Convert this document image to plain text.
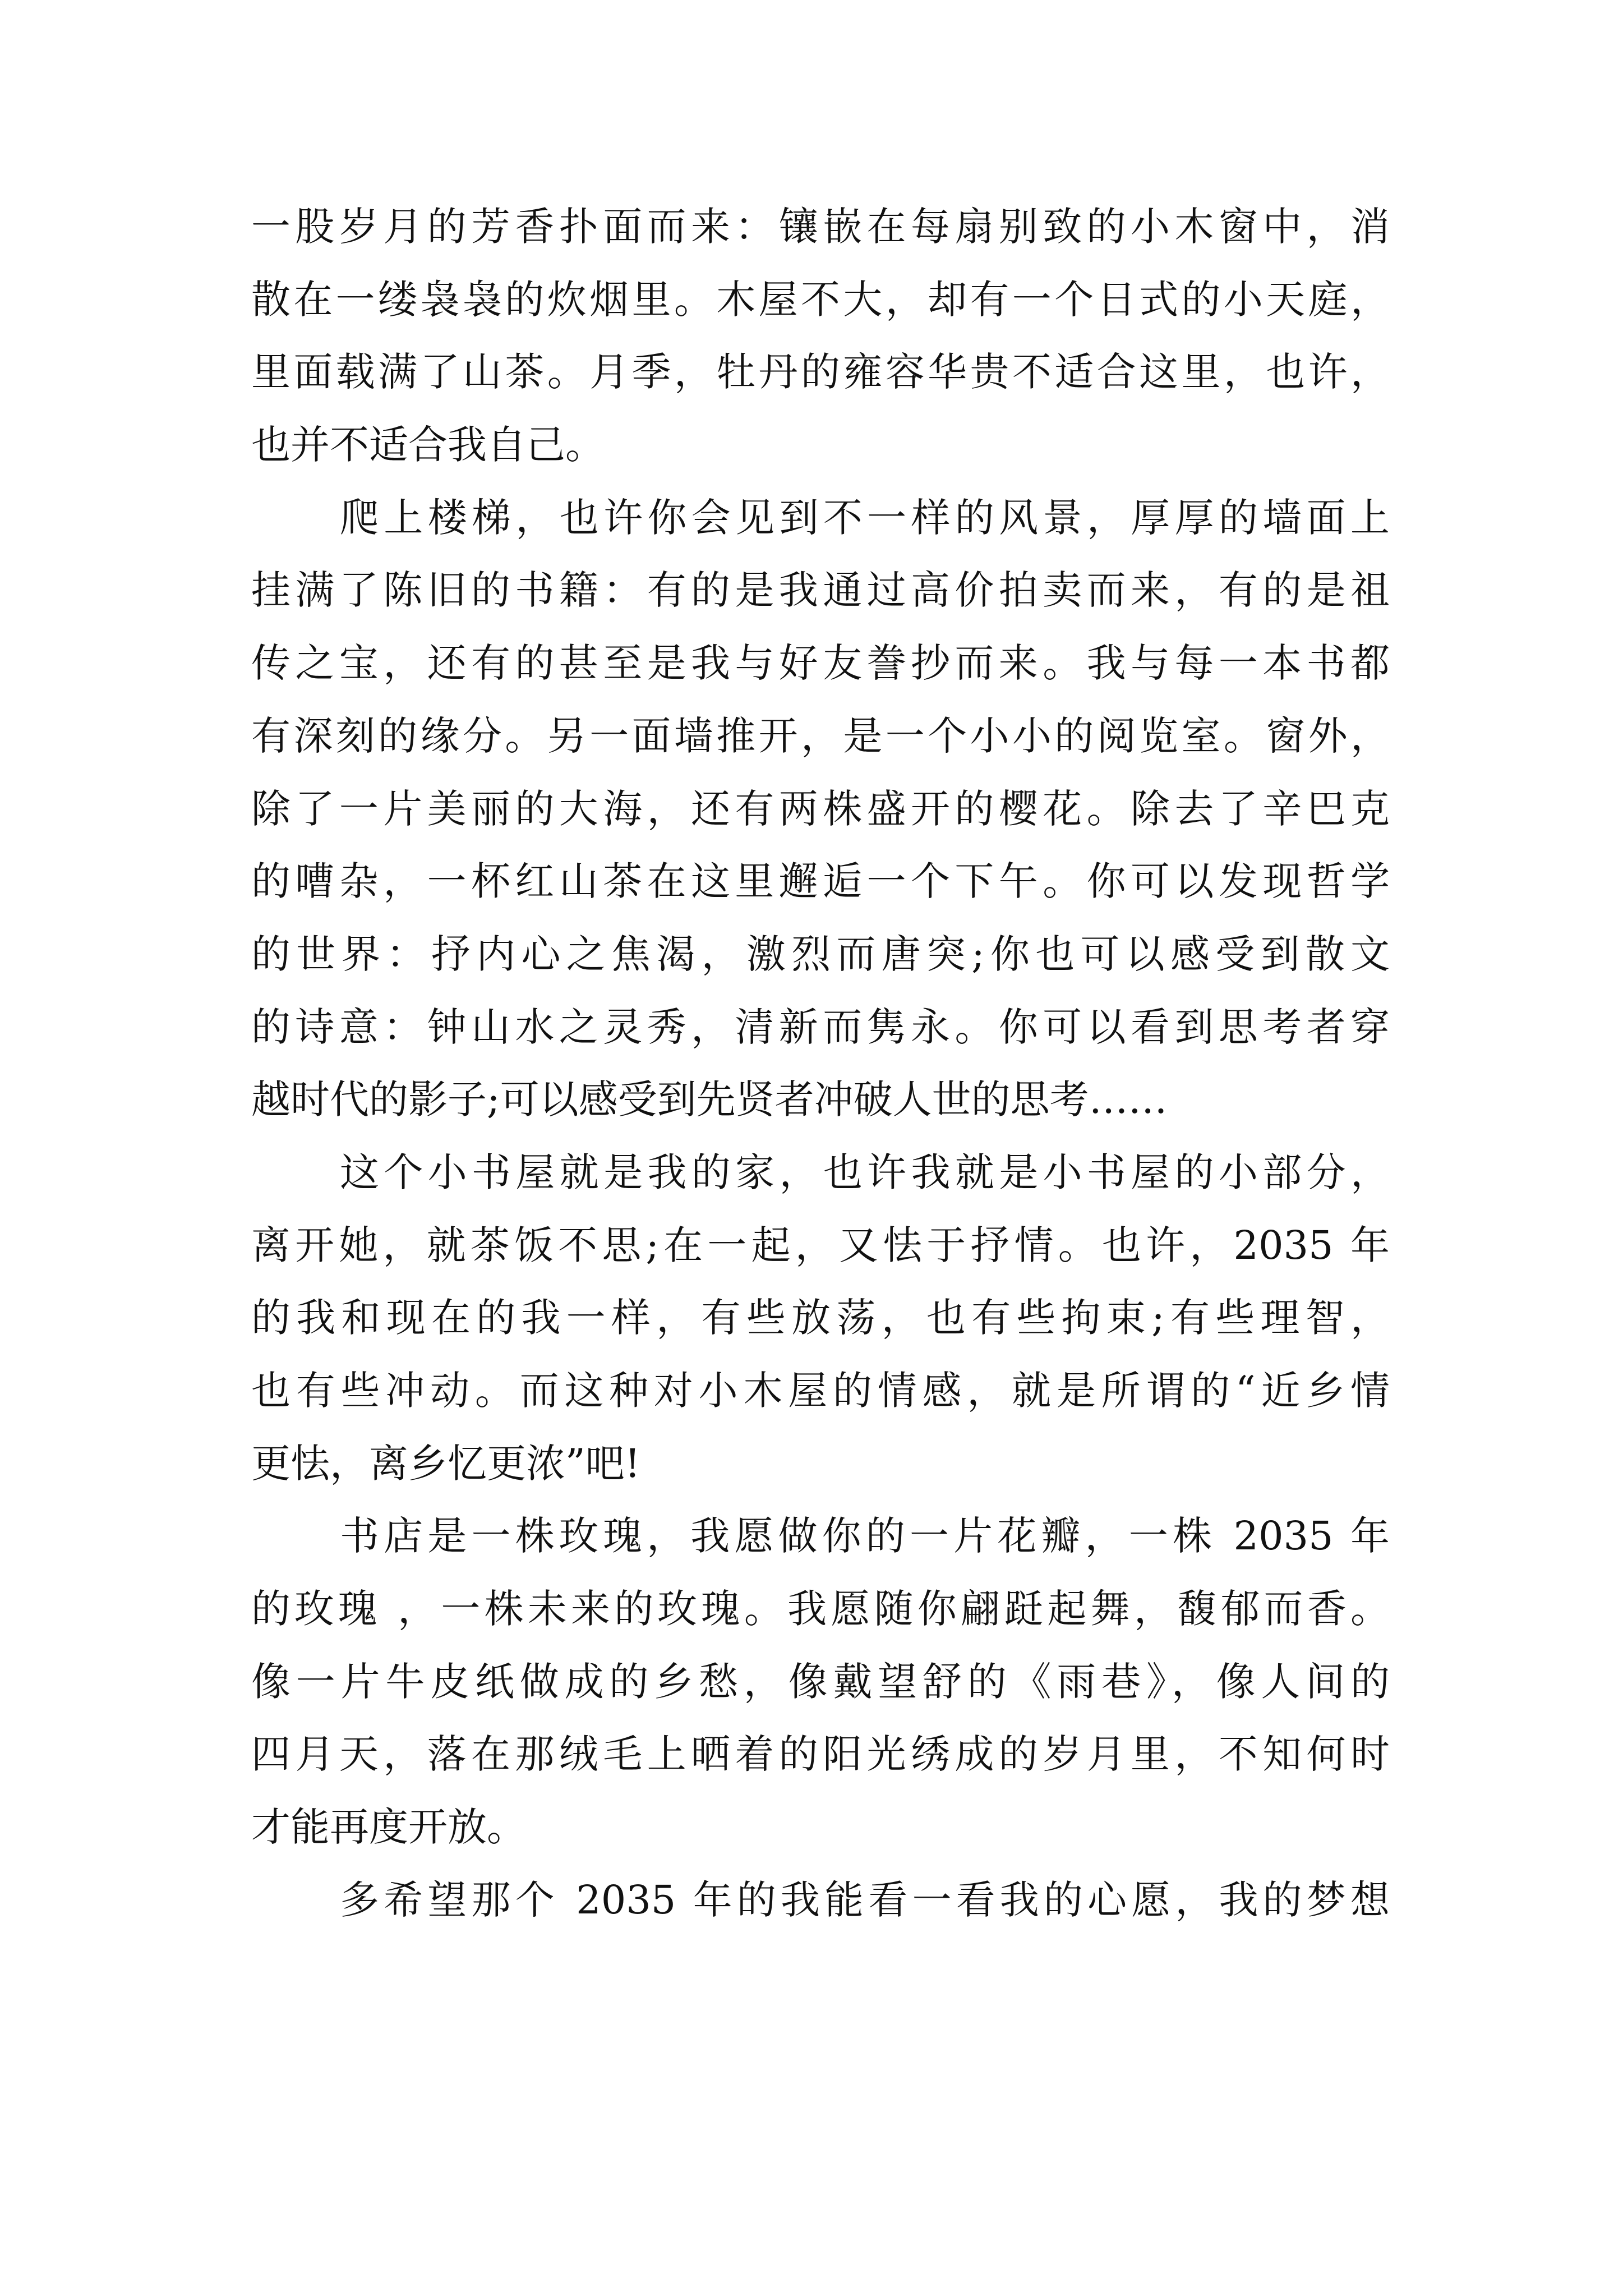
一股岁月的芳香扑面而来：镶嵌在每扇别致的小木窗中，消
散在一缕袅袅的炊烟里。木屋不大，却有一个日式的小天庭，
里面载满了山茶。月季，牡丹的雍容华贵不适合这里，也许，
也并不适合我自己。
爬上楼梯，也许你会见到不一样的风景，厚厚的墙面上
挂满了陈旧的书籍：有的是我通过高价拍卖而来，有的是祖
传之宝，还有的甚至是我与好友誊抄而来。我与每一本书都
有深刻的缘分。另一面墙推开，是一个小小的阅览室。窗外，
除了一片美丽的大海，还有两株盛开的樱花。除去了辛巴克
的嘈杂，一杯红山茶在这里邂逅一个下午。你可以发现哲学
的世界：抒内心之焦渴，激烈而唐突;你也可以感受到散文
的诗意：钟山水之灵秀，清新而隽永。你可以看到思考者穿
越时代的影子;可以感受到先贤者冲破人世的思考……
这个小书屋就是我的家，也许我就是小书屋的小部分，
离开她，就茶饭不思;在一起，又怯于抒情。也许，2035 年
的我和现在的我一样，有些放荡，也有些拘束;有些理智，
也有些冲动。而这种对小木屋的情感，就是所谓的“近乡情
更怯，离乡忆更浓”吧!
书店是一株玫瑰，我愿做你的一片花瓣，一株 2035 年
的玫瑰 ，一株未来的玫瑰。我愿随你翩跹起舞，馥郁而香。
像一片牛皮纸做成的乡愁，像戴望舒的《雨巷》，像人间的
四月天，落在那绒毛上晒着的阳光绣成的岁月里，不知何时
才能再度开放。
多希望那个 2035 年的我能看一看我的心愿，我的梦想
